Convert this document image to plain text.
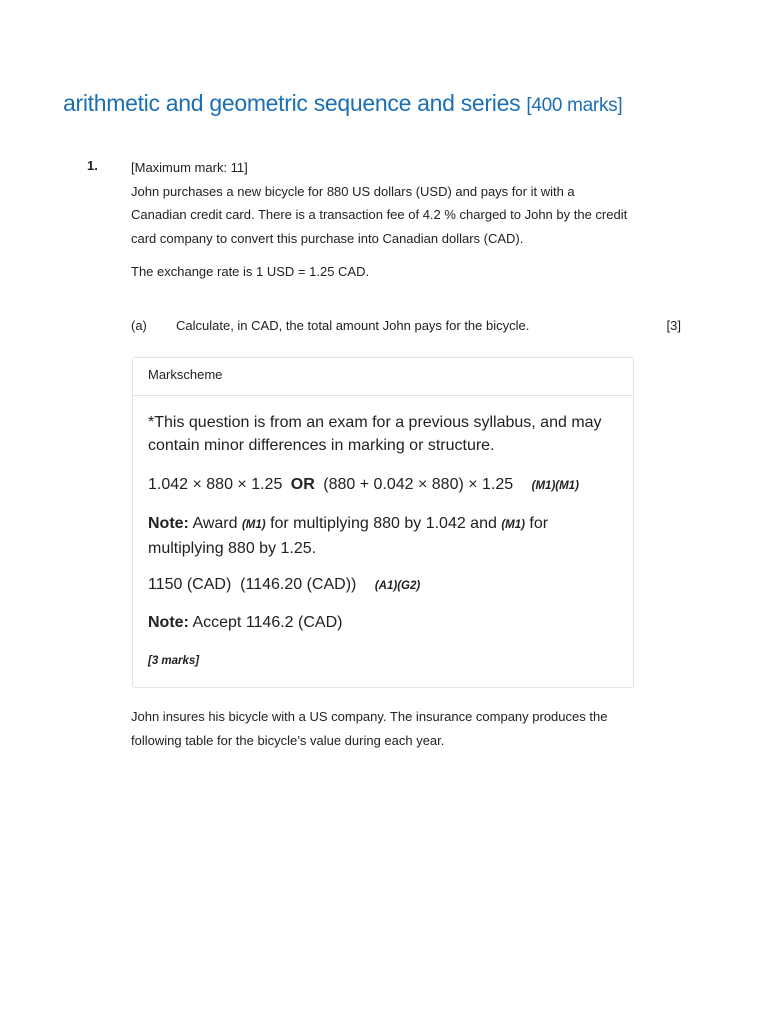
arithmetic and geometric sequence and series [400 marks]
1.	[Maximum mark: 11]

John purchases a new bicycle for 880 US dollars (USD) and pays for it with a Canadian credit card. There is a transaction fee of 4.2 % charged to John by the credit card company to convert this purchase into Canadian dollars (CAD).

The exchange rate is 1 USD = 1.25 CAD.
(a) Calculate, in CAD, the total amount John pays for the bicycle.	[3]
Markscheme
*This question is from an exam for a previous syllabus, and may contain minor differences in marking or structure.
1.042 × 880 × 1.25 OR (880 + 0.042 × 880) × 1.25 (M1)(M1)
Note: Award (M1) for multiplying 880 by 1.042 and (M1) for multiplying 880 by 1.25.
1150 (CAD)  (1146.20 (CAD)) (A1)(G2)
Note: Accept 1146.2 (CAD)
[3 marks]
John insures his bicycle with a US company. The insurance company produces the following table for the bicycle’s value during each year.
